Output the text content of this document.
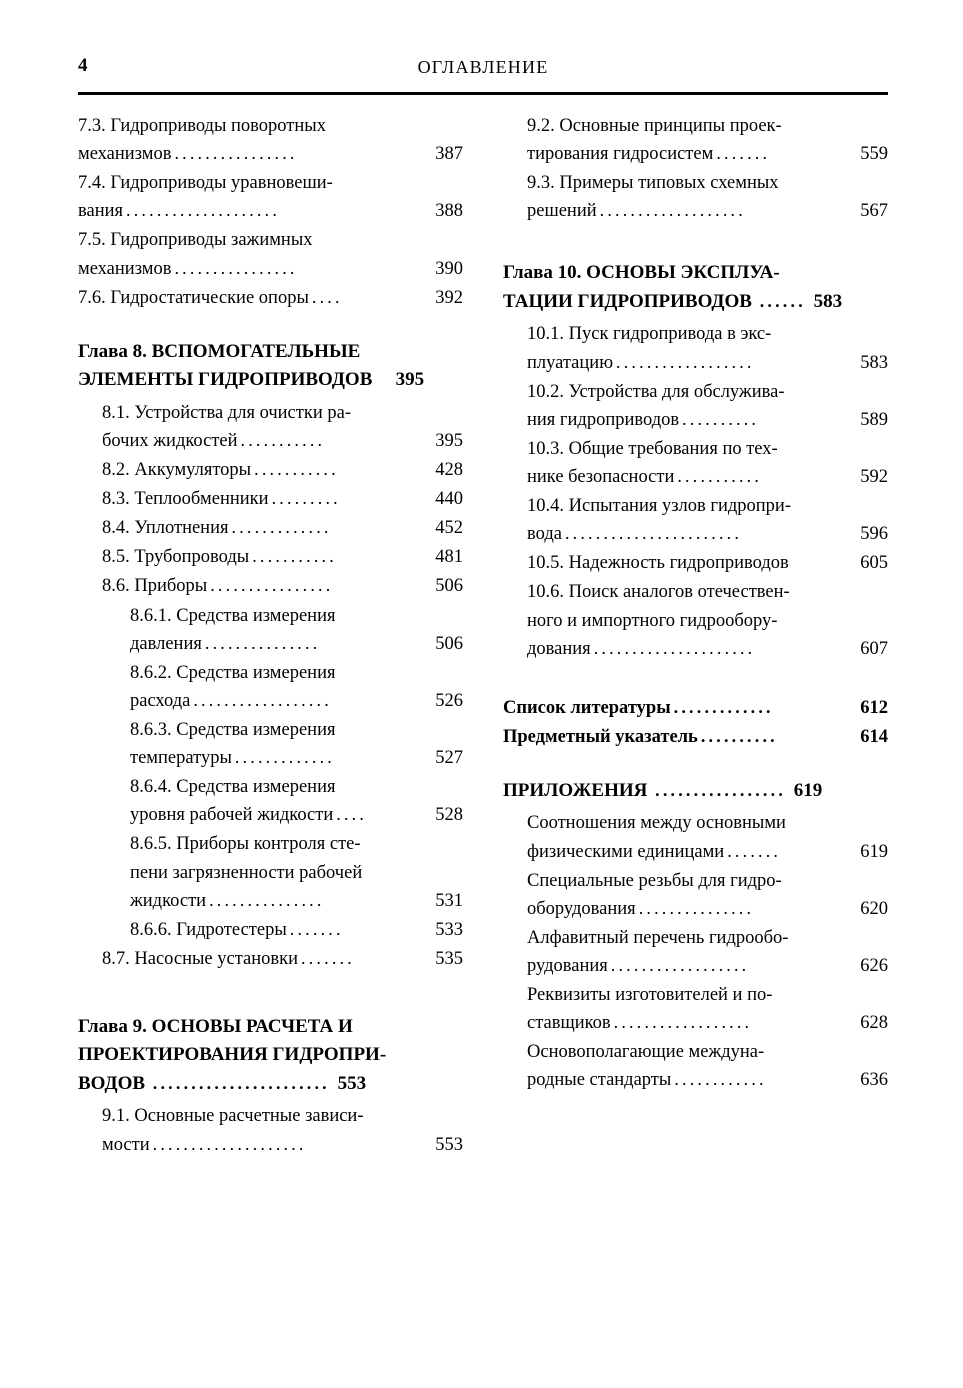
4	ОГЛАВЛЕНИЕ
7.3. Гидроприводы поворотных
механизмов ................	387
7.4. Гидроприводы уравновеши-
вания ....................	388
7.5. Гидроприводы зажимных
механизмов ................	390
7.6. Гидростатические опоры ....	392
Глава 8. ВСПОМОГАТЕЛЬНЫЕ
ЭЛЕМЕНТЫ ГИДРОПРИВОДОВ 395
8.1. Устройства для очистки ра-
бочих жидкостей ...........	395
8.2. Аккумуляторы ...........	428
8.3. Теплообменники .........	440
8.4. Уплотнения .............	452
8.5. Трубопроводы ...........	481
8.6. Приборы ................	506
8.6.1. Средства измерения
давления ...............	506
8.6.2. Средства измерения
расхода ..................	526
8.6.3. Средства измерения
температуры .............	527
8.6.4. Средства измерения
уровня рабочей жидкости ....	528
8.6.5. Приборы контроля сте-
пени загрязненности рабочей
жидкости ...............	531
8.6.6. Гидротестеры .......	533
8.7. Насосные установки .......	535
Глава 9. ОСНОВЫ РАСЧЕТА И
ПРОЕКТИРОВАНИЯ ГИДРОПРИ-
ВОДОВ ....................... 553
9.1. Основные расчетные зависи-
мости ....................	553
9.2. Основные принципы проек-
тирования гидросистем .......	559
9.3. Примеры типовых схемных
решений ...................	567
Глава 10. ОСНОВЫ ЭКСПЛУА-
ТАЦИИ ГИДРОПРИВОДОВ ...... 583
10.1. Пуск гидропривода в экс-
плуатацию ..................	583
10.2. Устройства для обслужива-
ния гидроприводов ..........	589
10.3. Общие требования по тех-
нике безопасности ...........	592
10.4. Испытания узлов гидропри-
вода .......................	596
10.5. Надежность гидроприводов
	605
10.6. Поиск аналогов отечествен-
ного и импортного гидрообору-
дования .....................	607
Список литературы .............	612
Предметный указатель ..........	614
ПРИЛОЖЕНИЯ ................. 619
Соотношения между основными
физическими единицами .......	619
Специальные резьбы для гидро-
оборудования ...............	620
Алфавитный перечень гидрообо-
рудования ..................	626
Реквизиты изготовителей и по-
ставщиков ..................	628
Основополагающие междуна-
родные стандарты ............	636
